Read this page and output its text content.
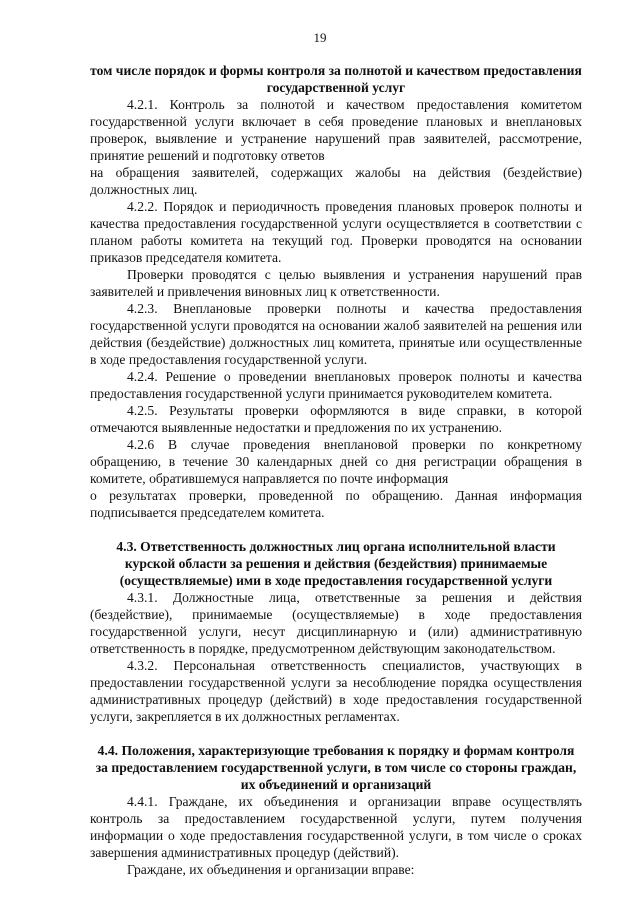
19

том числе порядок и формы контроля за полнотой и качеством предоставления государственной услуг

4.2.1. Контроль за полнотой и качеством предоставления комитетом государственной услуги включает в себя проведение плановых и внеплановых проверок, выявление и устранение нарушений прав заявителей, рассмотрение, принятие решений и подготовку ответов

на обращения заявителей, содержащих жалобы на действия (бездействие) должностных лиц.

4.2.2. Порядок и периодичность проведения плановых проверок полноты и качества предоставления государственной услуги осуществляется в соответствии с планом работы комитета на текущий год. Проверки проводятся на основании приказов председателя комитета.

Проверки проводятся с целью выявления и устранения нарушений прав заявителей и привлечения виновных лиц к ответственности.

4.2.3. Внеплановые проверки полноты и качества предоставления государственной услуги проводятся на основании жалоб заявителей на решения или действия (бездействие) должностных лиц комитета, принятые или осуществленные в ходе предоставления государственной услуги.

4.2.4. Решение о проведении внеплановых проверок полноты и качества предоставления государственной услуги принимается руководителем комитета.

4.2.5. Результаты проверки оформляются в виде справки, в которой отмечаются выявленные недостатки и предложения по их устранению.

4.2.6 В случае проведения внеплановой проверки по конкретному обращению, в течение 30 календарных дней со дня регистрации обращения в комитете, обратившемуся направляется по почте информация

о результатах проверки, проведенной по обращению. Данная информация подписывается председателем комитета.

4.3. Ответственность должностных лиц органа исполнительной власти курской области за решения и действия (бездействия) принимаемые (осуществляемые) ими в ходе предоставления государственной услуги

4.3.1. Должностные лица, ответственные за решения и действия (бездействие), принимаемые (осуществляемые) в ходе предоставления государственной услуги, несут дисциплинарную и (или) административную ответственность в порядке, предусмотренном действующим законодательством.

4.3.2. Персональная ответственность специалистов, участвующих в предоставлении государственной услуги за несоблюдение порядка осуществления административных процедур (действий) в ходе предоставления государственной услуги, закрепляется в их должностных регламентах.

4.4. Положения, характеризующие требования к порядку и формам контроля за предоставлением государственной услуги, в том числе со стороны граждан, их объединений и организаций

4.4.1. Граждане, их объединения и организации вправе осуществлять контроль за предоставлением государственной услуги, путем получения информации о ходе предоставления государственной услуги, в том числе о сроках завершения административных процедур (действий).

Граждане, их объединения и организации вправе:
